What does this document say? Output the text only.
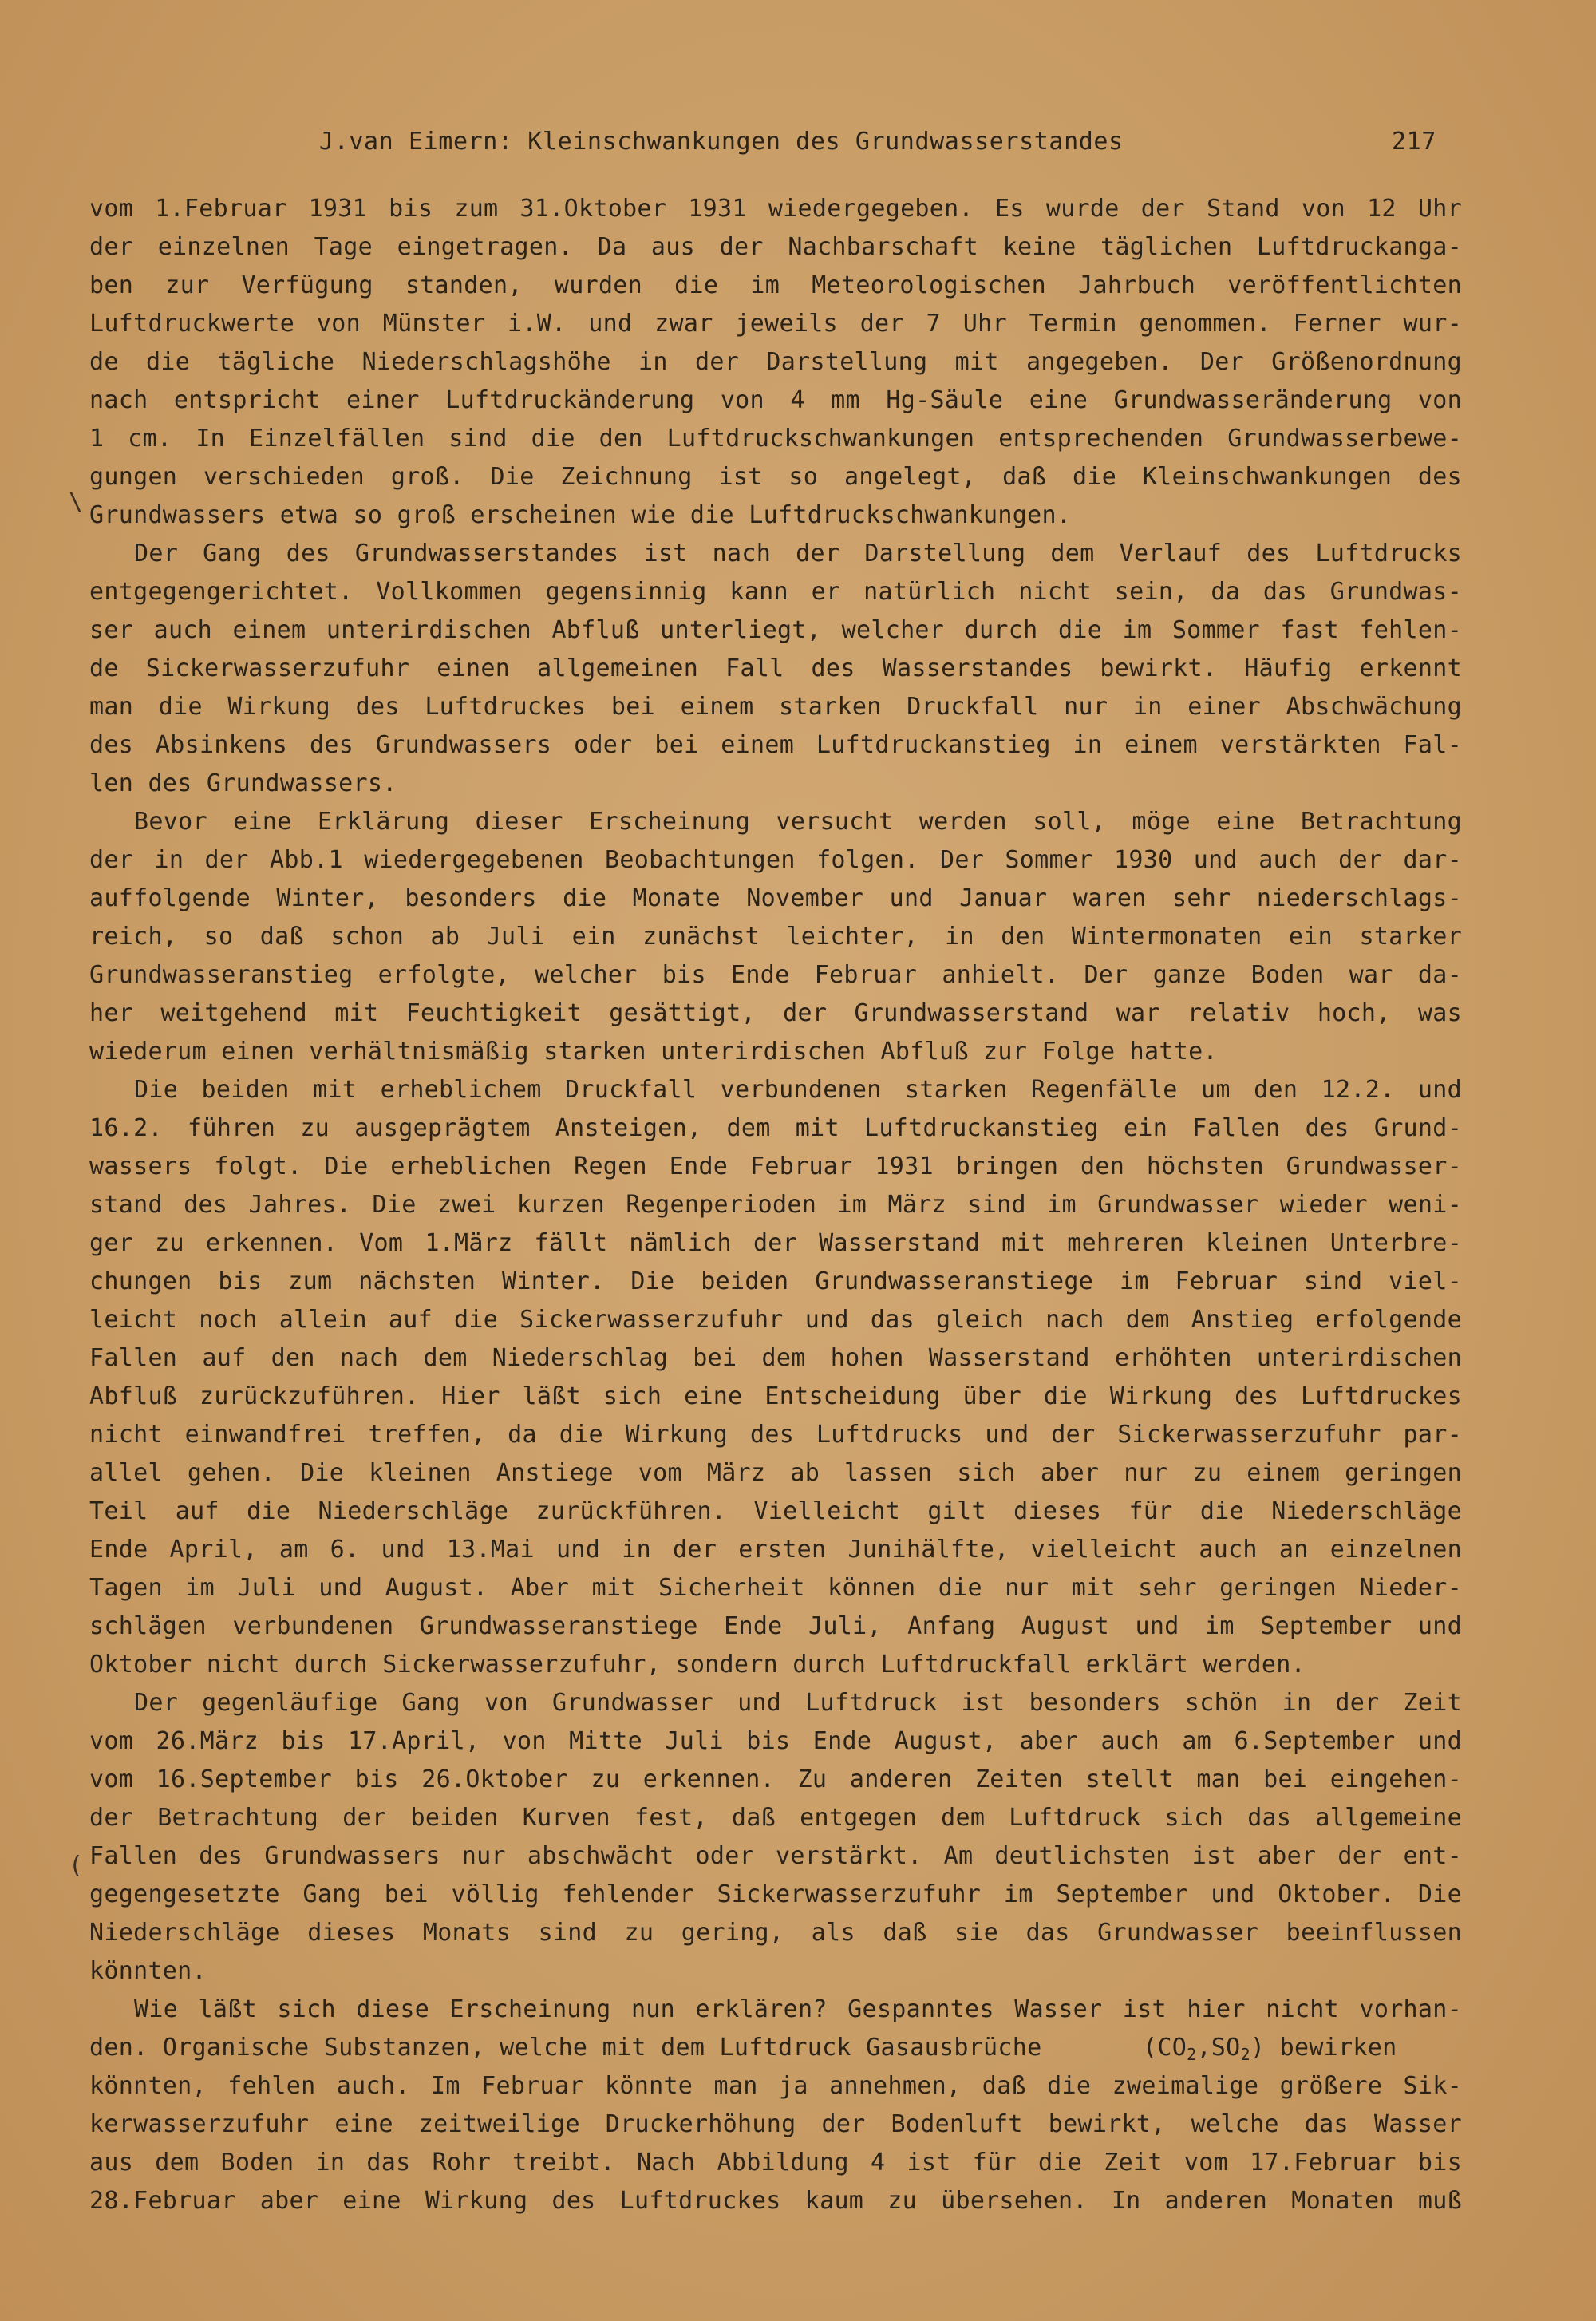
J.van Eimern: Kleinschwankungen des Grundwasserstandes	217
vom 1.Februar 1931 bis zum 31.Oktober 1931 wiedergegeben. Es wurde der Stand von 12 Uhr
der einzelnen Tage eingetragen. Da aus der Nachbarschaft keine täglichen Luftdruckanga-
ben zur Verfügung standen, wurden die im Meteorologischen Jahrbuch veröffentlichten
Luftdruckwerte von Münster i.W. und zwar jeweils der 7 Uhr Termin genommen. Ferner wur-
de die tägliche Niederschlagshöhe in der Darstellung mit angegeben. Der Größenordnung
nach entspricht einer Luftdruckänderung von 4 mm Hg-Säule eine Grundwasseränderung von
1 cm. In Einzelfällen sind die den Luftdruckschwankungen entsprechenden Grundwasserbewe-
gungen verschieden groß. Die Zeichnung ist so angelegt, daß die Kleinschwankungen des
Grundwassers etwa so groß erscheinen wie die Luftdruckschwankungen.
Der Gang des Grundwasserstandes ist nach der Darstellung dem Verlauf des Luftdrucks
entgegengerichtet. Vollkommen gegensinnig kann er natürlich nicht sein, da das Grundwas-
ser auch einem unterirdischen Abfluß unterliegt, welcher durch die im Sommer fast fehlen-
de Sickerwasserzufuhr einen allgemeinen Fall des Wasserstandes bewirkt. Häufig erkennt
man die Wirkung des Luftdruckes bei einem starken Druckfall nur in einer Abschwächung
des Absinkens des Grundwassers oder bei einem Luftdruckanstieg in einem verstärkten Fal-
len des Grundwassers.
Bevor eine Erklärung dieser Erscheinung versucht werden soll, möge eine Betrachtung
der in der Abb.1 wiedergegebenen Beobachtungen folgen. Der Sommer 1930 und auch der dar-
auffolgende Winter, besonders die Monate November und Januar waren sehr niederschlags-
reich, so daß schon ab Juli ein zunächst leichter, in den Wintermonaten ein starker
Grundwasseranstieg erfolgte, welcher bis Ende Februar anhielt. Der ganze Boden war da-
her weitgehend mit Feuchtigkeit gesättigt, der Grundwasserstand war relativ hoch, was
wiederum einen verhältnismäßig starken unterirdischen Abfluß zur Folge hatte.
Die beiden mit erheblichem Druckfall verbundenen starken Regenfälle um den 12.2. und
16.2. führen zu ausgeprägtem Ansteigen, dem mit Luftdruckanstieg ein Fallen des Grund-
wassers folgt. Die erheblichen Regen Ende Februar 1931 bringen den höchsten Grundwasser-
stand des Jahres. Die zwei kurzen Regenperioden im März sind im Grundwasser wieder weni-
ger zu erkennen. Vom 1.März fällt nämlich der Wasserstand mit mehreren kleinen Unterbre-
chungen bis zum nächsten Winter. Die beiden Grundwasseranstiege im Februar sind viel-
leicht noch allein auf die Sickerwasserzufuhr und das gleich nach dem Anstieg erfolgende
Fallen auf den nach dem Niederschlag bei dem hohen Wasserstand erhöhten unterirdischen
Abfluß zurückzuführen. Hier läßt sich eine Entscheidung über die Wirkung des Luftdruckes
nicht einwandfrei treffen, da die Wirkung des Luftdrucks und der Sickerwasserzufuhr par-
allel gehen. Die kleinen Anstiege vom März ab lassen sich aber nur zu einem geringen
Teil auf die Niederschläge zurückführen. Vielleicht gilt dieses für die Niederschläge
Ende April, am 6. und 13.Mai und in der ersten Junihälfte, vielleicht auch an einzelnen
Tagen im Juli und August. Aber mit Sicherheit können die nur mit sehr geringen Nieder-
schlägen verbundenen Grundwasseranstiege Ende Juli, Anfang August und im September und
Oktober nicht durch Sickerwasserzufuhr, sondern durch Luftdruckfall erklärt werden.
Der gegenläufige Gang von Grundwasser und Luftdruck ist besonders schön in der Zeit
vom 26.März bis 17.April, von Mitte Juli bis Ende August, aber auch am 6.September und
vom 16.September bis 26.Oktober zu erkennen. Zu anderen Zeiten stellt man bei eingehen-
der Betrachtung der beiden Kurven fest, daß entgegen dem Luftdruck sich das allgemeine
Fallen des Grundwassers nur abschwächt oder verstärkt. Am deutlichsten ist aber der ent-
gegengesetzte Gang bei völlig fehlender Sickerwasserzufuhr im September und Oktober. Die
Niederschläge dieses Monats sind zu gering, als daß sie das Grundwasser beeinflussen
könnten.
Wie läßt sich diese Erscheinung nun erklären? Gespanntes Wasser ist hier nicht vorhan-
den. Organische Substanzen, welche mit dem Luftdruck Gasausbrüche	$(CO_2,SO_2)$ bewirken
könnten, fehlen auch. Im Februar könnte man ja annehmen, daß die zweimalige größere Sik-
kerwasserzufuhr eine zeitweilige Druckerhöhung der Bodenluft bewirkt, welche das Wasser
aus dem Boden in das Rohr treibt. Nach Abbildung 4 ist für die Zeit vom 17.Februar bis
28.Februar aber eine Wirkung des Luftdruckes kaum zu übersehen. In anderen Monaten muß
\
(
